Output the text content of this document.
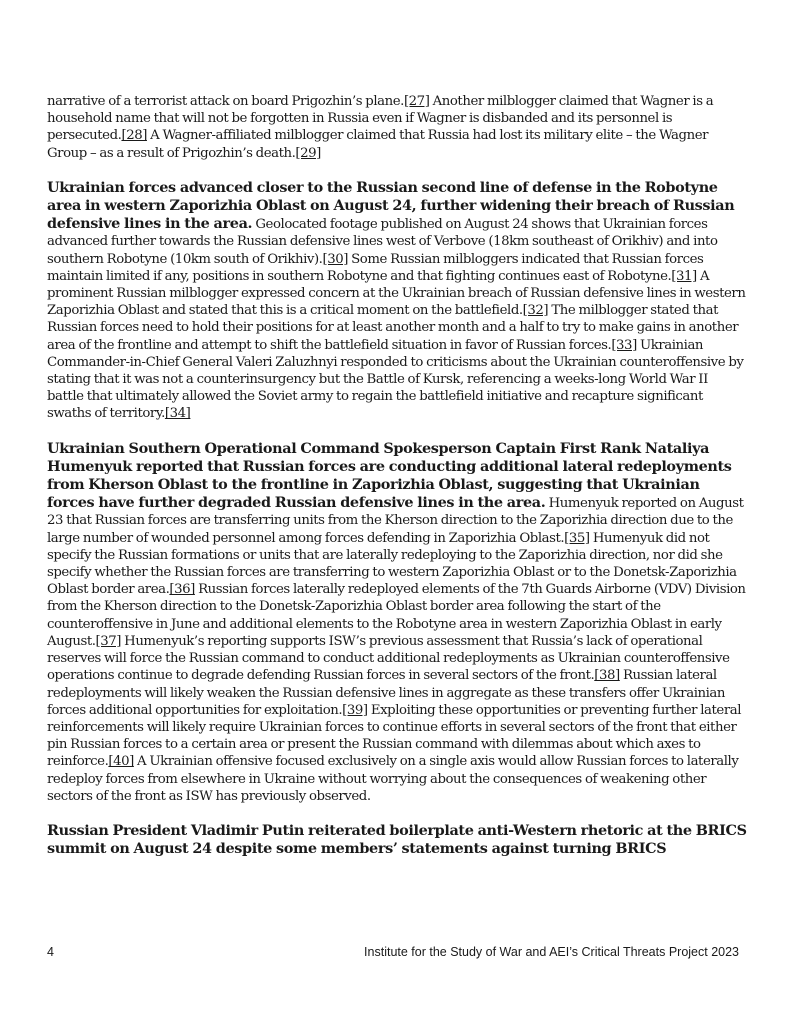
narrative of a terrorist attack on board Prigozhin’s plane.[27] Another milblogger claimed that Wagner is a household name that will not be forgotten in Russia even if Wagner is disbanded and its personnel is persecuted.[28] A Wagner-affiliated milblogger claimed that Russia had lost its military elite – the Wagner Group – as a result of Prigozhin’s death.[29]

Ukrainian forces advanced closer to the Russian second line of defense in the Robotyne area in western Zaporizhia Oblast on August 24, further widening their breach of Russian defensive lines in the area. Geolocated footage published on August 24 shows that Ukrainian forces advanced further towards the Russian defensive lines west of Verbove (18km southeast of Orikhiv) and into southern Robotyne (10km south of Orikhiv).[30] Some Russian milbloggers indicated that Russian forces maintain limited if any, positions in southern Robotyne and that fighting continues east of Robotyne.[31] A prominent Russian milblogger expressed concern at the Ukrainian breach of Russian defensive lines in western Zaporizhia Oblast and stated that this is a critical moment on the battlefield.[32] The milblogger stated that Russian forces need to hold their positions for at least another month and a half to try to make gains in another area of the frontline and attempt to shift the battlefield situation in favor of Russian forces.[33] Ukrainian Commander-in-Chief General Valeri Zaluzhnyi responded to criticisms about the Ukrainian counteroffensive by stating that it was not a counterinsurgency but the Battle of Kursk, referencing a weeks-long World War II battle that ultimately allowed the Soviet army to regain the battlefield initiative and recapture significant swaths of territory.[34]

Ukrainian Southern Operational Command Spokesperson Captain First Rank Nataliya Humenyuk reported that Russian forces are conducting additional lateral redeployments from Kherson Oblast to the frontline in Zaporizhia Oblast, suggesting that Ukrainian forces have further degraded Russian defensive lines in the area. Humenyuk reported on August 23 that Russian forces are transferring units from the Kherson direction to the Zaporizhia direction due to the large number of wounded personnel among forces defending in Zaporizhia Oblast.[35] Humenyuk did not specify the Russian formations or units that are laterally redeploying to the Zaporizhia direction, nor did she specify whether the Russian forces are transferring to western Zaporizhia Oblast or to the Donetsk-Zaporizhia Oblast border area.[36] Russian forces laterally redeployed elements of the 7th Guards Airborne (VDV) Division from the Kherson direction to the Donetsk-Zaporizhia Oblast border area following the start of the counteroffensive in June and additional elements to the Robotyne area in western Zaporizhia Oblast in early August.[37] Humenyuk’s reporting supports ISW’s previous assessment that Russia’s lack of operational reserves will force the Russian command to conduct additional redeployments as Ukrainian counteroffensive operations continue to degrade defending Russian forces in several sectors of the front.[38] Russian lateral redeployments will likely weaken the Russian defensive lines in aggregate as these transfers offer Ukrainian forces additional opportunities for exploitation.[39] Exploiting these opportunities or preventing further lateral reinforcements will likely require Ukrainian forces to continue efforts in several sectors of the front that either pin Russian forces to a certain area or present the Russian command with dilemmas about which axes to reinforce.[40] A Ukrainian offensive focused exclusively on a single axis would allow Russian forces to laterally redeploy forces from elsewhere in Ukraine without worrying about the consequences of weakening other sectors of the front as ISW has previously observed.

Russian President Vladimir Putin reiterated boilerplate anti-Western rhetoric at the BRICS summit on August 24 despite some members’ statements against turning BRICS

4	Institute for the Study of War and AEI’s Critical Threats Project 2023
